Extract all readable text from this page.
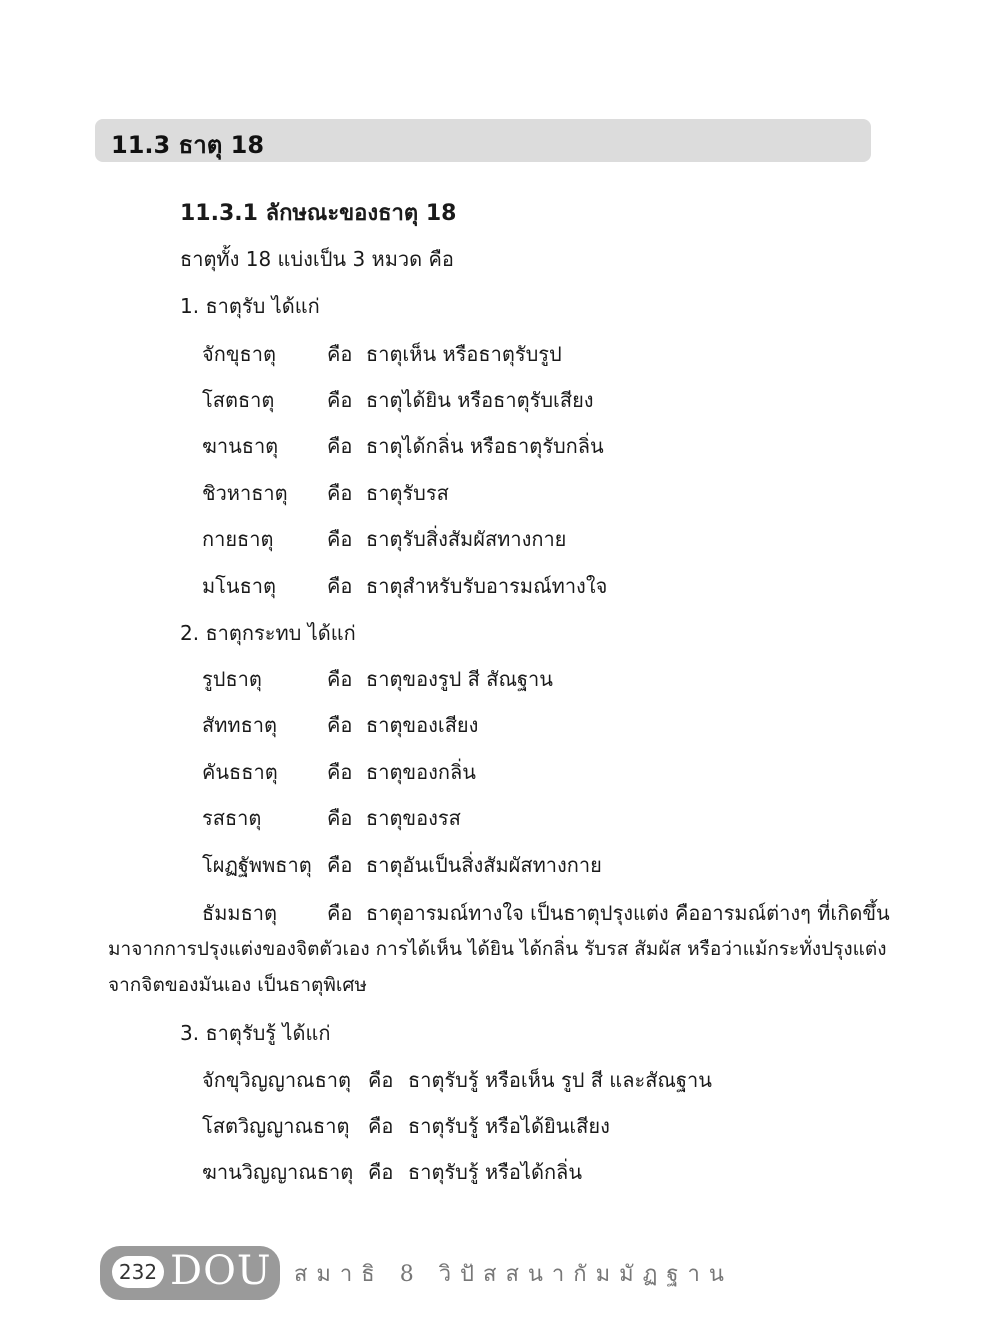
11.3 ธาตุ 18
11.3.1 ลักษณะของธาตุ 18
ธาตุทั้ง 18 แบ่งเป็น 3 หมวด คือ
1. ธาตุรับ ได้แก่
จักขุธาตุ	คือ ธาตุเห็น หรือธาตุรับรูป
โสตธาตุ	คือ ธาตุได้ยิน หรือธาตุรับเสียง
ฆานธาตุ คือ ธาตุได้กลิ่น หรือธาตุรับกลิ่น
ชิวหาธาตุ คือ ธาตุรับรส
กายธาตุ	คือ ธาตุรับสิ่งสัมผัสทางกาย
มโนธาตุ	คือ ธาตุสำหรับรับอารมณ์ทางใจ
2. ธาตุกระทบ ได้แก่
รูปธาตุ	คือ ธาตุของรูป สี สัณฐาน
สัททธาตุ	คือ ธาตุของเสียง
คันธธาตุ คือ ธาตุของกลิ่น
รสธาตุ	คือ ธาตุของรส
โผฏฐัพพธาตุ คือ ธาตุอันเป็นสิ่งสัมผัสทางกาย
ธัมมธาตุ	คือ ธาตุอารมณ์ทางใจ เป็นธาตุปรุงแต่ง คืออารมณ์ต่างๆ ที่เกิดขึ้น
มาจากการปรุงแต่งของจิตตัวเอง การได้เห็น ได้ยิน ได้กลิ่น รับรส สัมผัส หรือว่าแม้กระทั่งปรุงแต่ง
จากจิตของมันเอง เป็นธาตุพิเศษ
3. ธาตุรับรู้ ได้แก่
จักขุวิญญาณธาตุ คือ ธาตุรับรู้ หรือเห็น รูป สี และสัณฐาน
โสตวิญญาณธาตุ คือ ธาตุรับรู้ หรือได้ยินเสียง
ฆานวิญญาณธาตุ คือ ธาตุรับรู้ หรือได้กลิ่น
232 DOU สมาธิ 8 วิปัสสนากัมมัฏฐาน
